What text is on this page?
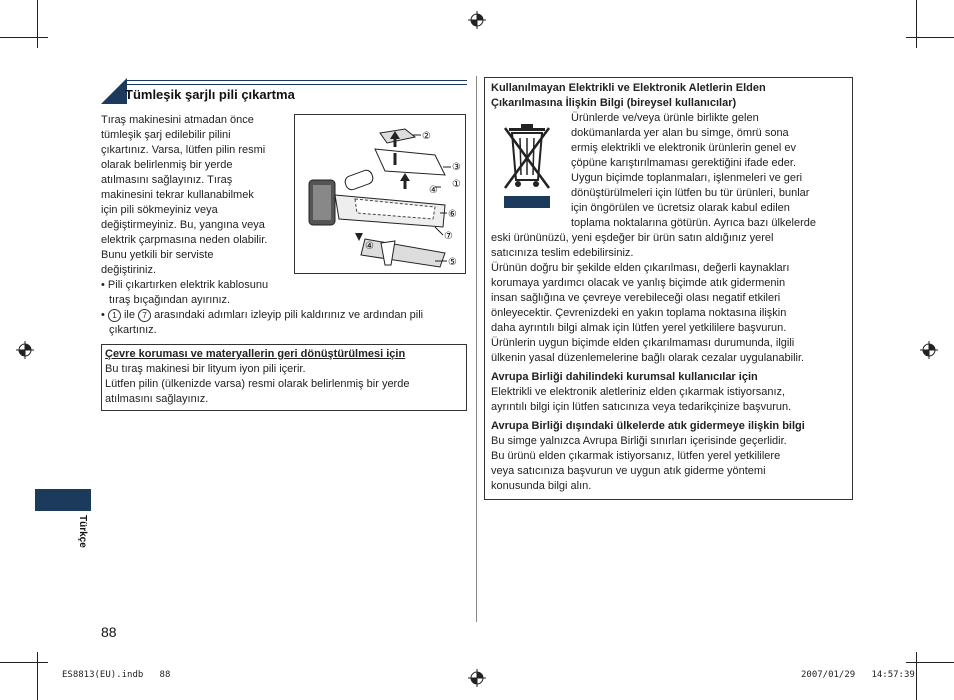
Tümleşik şarjlı pili çıkartma

Tıraş makinesini atmadan önce

tümleşik şarj edilebilir pilini

çıkartınız. Varsa, lütfen pilin resmi

olarak belirlenmiş bir yerde

atılmasını sağlayınız. Tıraş

makinesini tekrar kullanabilmek

için pili sökmeyiniz veya

değiştirmeyiniz. Bu, yangına veya

elektrik çarpmasına neden olabilir.

Bunu yetkili bir serviste

değiştiriniz.

• Pili çıkartırken elektrik kablosunu

tıraş bıçağından ayırınız.

• 1 ile 7 arasındaki adımları izleyip pili kaldırınız ve ardından pili

çıkartınız.

②
③
①
④
⑥
⑦
④
⑤

Çevre koruması ve materyallerin geri dönüştürülmesi için

Bu tıraş makinesi bir lityum iyon pili içerir.

Lütfen pilin (ülkenizde varsa) resmi olarak belirlenmiş bir yerde

atılmasını sağlayınız.

Kullanılmayan Elektrikli ve Elektronik Aletlerin Elden

Çıkarılmasına İlişkin Bilgi (bireysel kullanıcılar)

Ürünlerde ve/veya ürünle birlikte gelen

dokümanlarda yer alan bu simge, ömrü sona

ermiş elektrikli ve elektronik ürünlerin genel ev

çöpüne karıştırılmaması gerektiğini ifade eder.

Uygun biçimde toplanmaları, işlenmeleri ve geri

dönüştürülmeleri için lütfen bu tür ürünleri, bunlar

için öngörülen ve ücretsiz olarak kabul edilen

toplama noktalarına götürün. Ayrıca bazı ülkelerde

eski ürününüzü, yeni eşdeğer bir ürün satın aldığınız yerel

satıcınıza teslim edebilirsiniz.

Ürünün doğru bir şekilde elden çıkarılması, değerli kaynakları

korumaya yardımcı olacak ve yanlış biçimde atık gidermenin

insan sağlığına ve çevreye verebileceği olası negatif etkileri

önleyecektir. Çevrenizdeki en yakın toplama noktasına ilişkin

daha ayrıntılı bilgi almak için lütfen yerel yetkililere başvurun.

Ürünlerin uygun biçimde elden çıkarılmaması durumunda, ilgili

ülkenin yasal düzenlemelerine bağlı olarak cezalar uygulanabilir.

Avrupa Birliği dahilindeki kurumsal kullanıcılar için

Elektrikli ve elektronik aletleriniz elden çıkarmak istiyorsanız,

ayrıntılı bilgi için lütfen satıcınıza veya tedarikçinize başvurun.

Avrupa Birliği dışındaki ülkelerde atık gidermeye ilişkin bilgi

Bu simge yalnızca Avrupa Birliği sınırları içerisinde geçerlidir.

Bu ürünü elden çıkarmak istiyorsanız, lütfen yerel yetkililere

veya satıcınıza başvurun ve uygun atık giderme yöntemi

konusunda bilgi alın.

Türkçe
88
ES8813(EU).indb   88	2007/01/29   14:57:39
